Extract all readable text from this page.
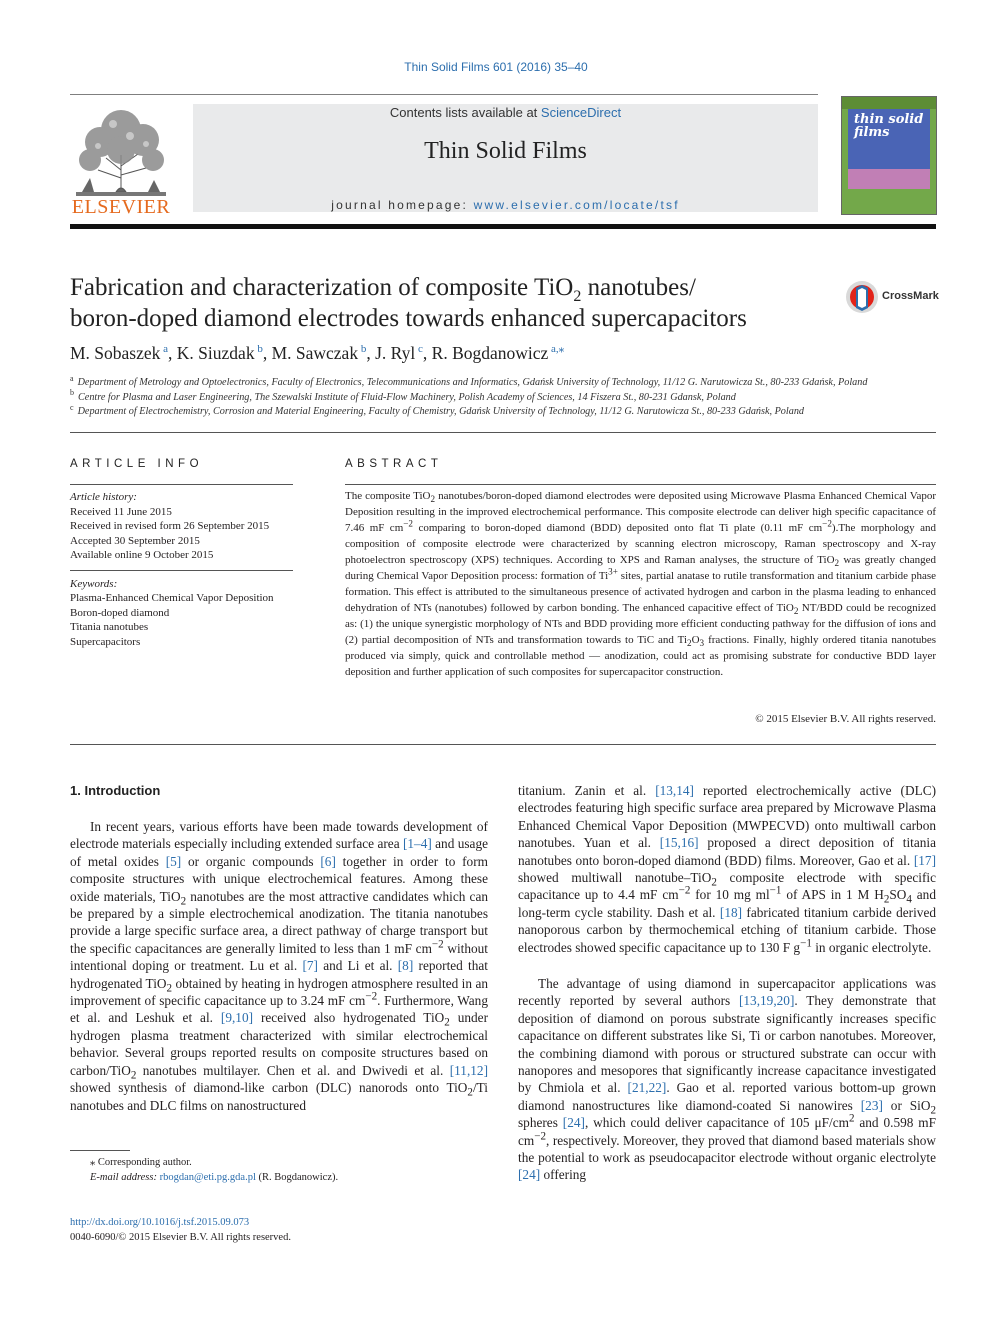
Thin Solid Films 601 (2016) 35–40
ELSEVIER
Contents lists available at ScienceDirect
Thin Solid Films
journal homepage: www.elsevier.com/locate/tsf
thin solid films
Fabrication and characterization of composite TiO$_2$ nanotubes/
boron-doped diamond electrodes towards enhanced supercapacitors
CrossMark
M. Sobaszek $^a$, K. Siuzdak $^b$, M. Sawczak $^b$, J. Ryl $^c$, R. Bogdanowicz $^{a,⁎}$
$^a$ Department of Metrology and Optoelectronics, Faculty of Electronics, Telecommunications and Informatics, Gdańsk University of Technology, 11/12 G. Narutowicza St., 80-233 Gdańsk, Poland
$^b$ Centre for Plasma and Laser Engineering, The Szewalski Institute of Fluid-Flow Machinery, Polish Academy of Sciences, 14 Fiszera St., 80-231 Gdansk, Poland
$^c$ Department of Electrochemistry, Corrosion and Material Engineering, Faculty of Chemistry, Gdańsk University of Technology, 11/12 G. Narutowicza St., 80-233 Gdańsk, Poland
ARTICLE INFO	ABSTRACT
Article history:
Received 11 June 2015
Received in revised form 26 September 2015
Accepted 30 September 2015
Available online 9 October 2015
Keywords:
Plasma-Enhanced Chemical Vapor Deposition
Boron-doped diamond
Titania nanotubes
Supercapacitors
The composite TiO$_2$ nanotubes/boron-doped diamond electrodes were deposited using Microwave Plasma Enhanced Chemical Vapor Deposition resulting in the improved electrochemical performance. This composite electrode can deliver high specific capacitance of 7.46 mF $cm^{-2}$ comparing to boron-doped diamond (BDD) deposited onto flat Ti plate (0.11 mF $cm^{-2}).The$ morphology and composition of composite electrode were characterized by scanning electron microscopy, Raman spectroscopy and X-ray photoelectron spectroscopy (XPS) techniques. According to XPS and Raman analyses, the structure of TiO$_2$ was greatly changed during Chemical Vapor Deposition process: formation of $Ti^{3+}$ sites, partial anatase to rutile transformation and titanium carbide phase formation. This effect is attributed to the simultaneous presence of activated hydrogen and carbon in the plasma leading to enhanced dehydration of NTs (nanotubes) followed by carbon bonding. The enhanced capacitive effect of TiO$_2$ NT/BDD could be recognized as: (1) the unique synergistic morphology of NTs and BDD providing more efficient conducting pathway for the diffusion of ions and (2) partial decomposition of NTs and transformation towards to TiC and $Ti_2O_3$ fractions. Finally, highly ordered titania nanotubes produced via simply, quick and controllable method — anodization, could act as promising substrate for conductive BDD layer deposition and further application of such composites for supercapacitor construction.
© 2015 Elsevier B.V. All rights reserved.
1. Introduction
In recent years, various efforts have been made towards development of electrode materials especially including extended surface area [1–4] and usage of metal oxides [5] or organic compounds [6] together in order to form composite structures with unique electrochemical features. Among these oxide materials, TiO$_2$ nanotubes are the most attractive candidates which can be prepared by a simple electrochemical anodization. The titania nanotubes provide a large specific surface area, a direct pathway of charge transport but the specific capacitances are generally limited to less than 1 mF $cm^{-2}$ without intentional doping or treatment. Lu et al. [7] and Li et al. [8] reported that hydrogenated TiO$_2$ obtained by heating in hydrogen atmosphere resulted in an improvement of specific capacitance up to 3.24 mF $cm^{-2}$. Furthermore, Wang et al. and Leshuk et al. [9,10] received also hydrogenated TiO$_2$ under hydrogen plasma treatment characterized with similar electrochemical behavior. Several groups reported results on composite structures based on carbon/TiO$_2$ nanotubes multilayer. Chen et al. and Dwivedi et al. [11,12] showed synthesis of diamond-like carbon (DLC) nanorods onto TiO$_2$/Ti nanotubes and DLC films on nanostructured
titanium. Zanin et al. [13,14] reported electrochemically active (DLC) electrodes featuring high specific surface area prepared by Microwave Plasma Enhanced Chemical Vapor Deposition (MWPECVD) onto multiwall carbon nanotubes. Yuan et al. [15,16] proposed a direct deposition of titania nanotubes onto boron-doped diamond (BDD) films. Moreover, Gao et al. [17] showed multiwall nanotube–TiO$_2$ composite electrode with specific capacitance up to 4.4 mF $cm^{-2}$ for 10 mg $ml^{-1}$ of APS in 1 M $H_2SO_4$ and long-term cycle stability. Dash et al. [18] fabricated titanium carbide derived nanoporous carbon by thermochemical etching of titanium carbide. Those electrodes showed specific capacitance up to 130 F $g^{-1}$ in organic electrolyte.
The advantage of using diamond in supercapacitor applications was recently reported by several authors [13,19,20]. They demonstrate that deposition of diamond on porous substrate significantly increases specific capacitance on different substrates like Si, Ti or carbon nanotubes. Moreover, the combining diamond with porous or structured substrate can occur with nanopores and mesopores that significantly increase capacitance investigated by Chmiola et al. [21,22]. Gao et al. reported various bottom-up grown diamond nanostructures like diamond-coated Si nanowires [23] or SiO$_2$ spheres [24], which could deliver capacitance of 105 $\mu F/cm^2$ and 0.598 mF $cm^{-2}$, respectively. Moreover, they proved that diamond based materials show the potential to work as pseudocapacitor electrode without organic electrolyte [24] offering
⁎ Corresponding author.
E-mail address: rbogdan@eti.pg.gda.pl (R. Bogdanowicz).
http://dx.doi.org/10.1016/j.tsf.2015.09.073
0040-6090/© 2015 Elsevier B.V. All rights reserved.
